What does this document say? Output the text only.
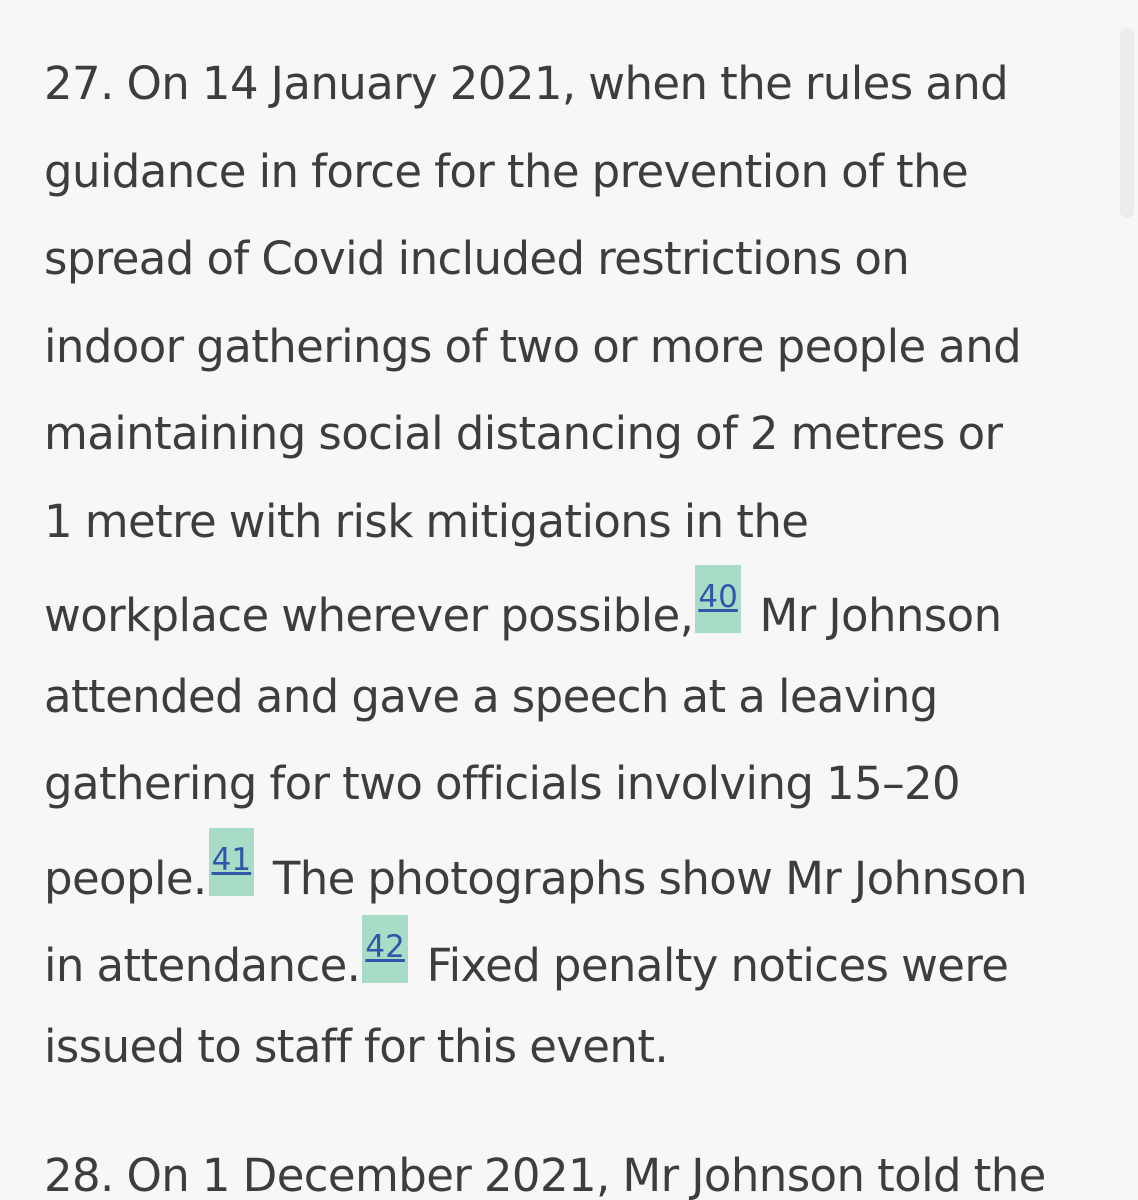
27. On 14 January 2021, when the rules and
guidance in force for the prevention of the
spread of Covid included restrictions on
indoor gatherings of two or more people and
maintaining social distancing of 2 metres or
1 metre with risk mitigations in the
workplace wherever possible, 40 Mr Johnson
attended and gave a speech at a leaving
gathering for two officials involving 15–20
people. 41 The photographs show Mr Johnson
in attendance. 42 Fixed penalty notices were
issued to staff for this event.

28. On 1 December 2021, Mr Johnson told the
